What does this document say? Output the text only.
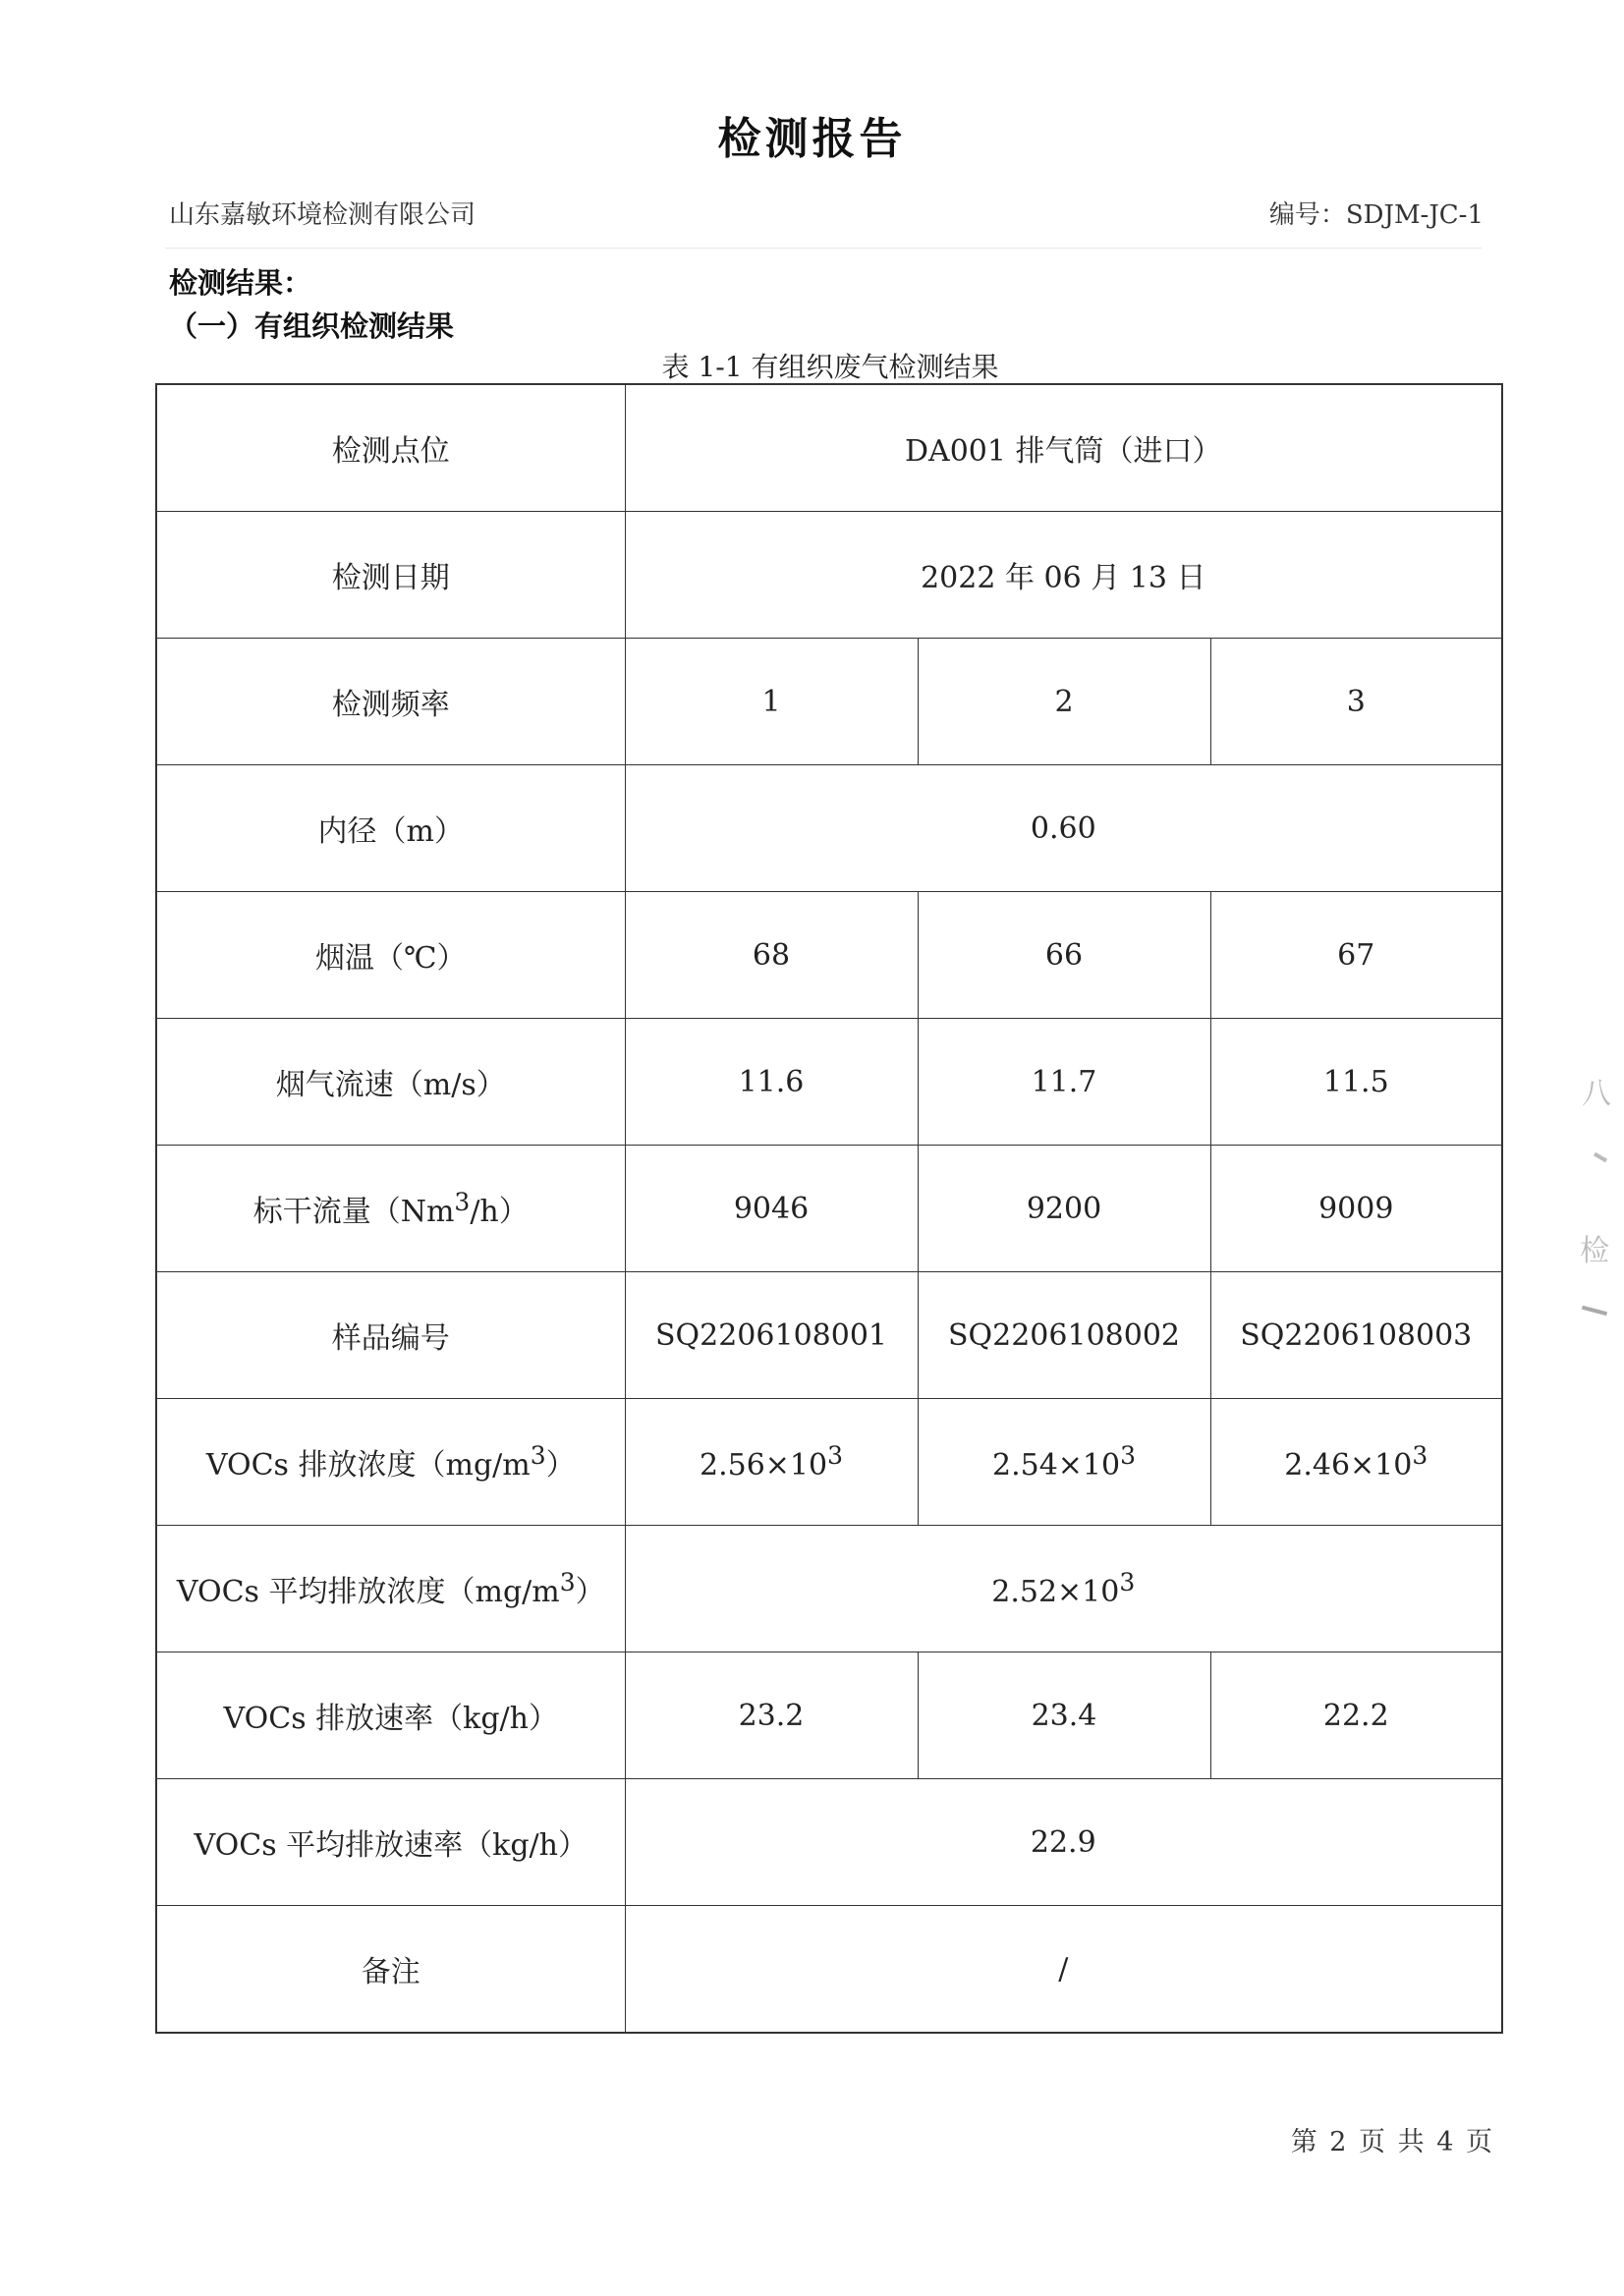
检测报告
山东嘉敏环境检测有限公司	编号：SDJM-JC-1
检测结果：
（一）有组织检测结果
表 1-1 有组织废气检测结果
检测点位	DA001 排气筒（进口）		
检测日期	2022 年 06 月 13 日		
检测频率	1	2	3
内径（m）	0.60		
烟温（℃）	68	66	67
烟气流速（m/s）	11.6	11.7	11.5
标干流量（Nm$^3$/h）	9046	9200	9009
样品编号	SQ2206108001	SQ2206108002	SQ2206108003
VOCs 排放浓度$(mg/m^3)$	$2.56\times 10^3$	$2.54\times 10^3$	$2.46\times 10^3$
VOCs 平均排放浓度$(mg/m^3)$	$2.52\times 10^3$
VOCs 排放速率（kg/h）	23.2	23.4	22.2
VOCs 平均排放速率（kg/h）	22.9		
备注	/		
第 2 页 共 4 页
八
检
